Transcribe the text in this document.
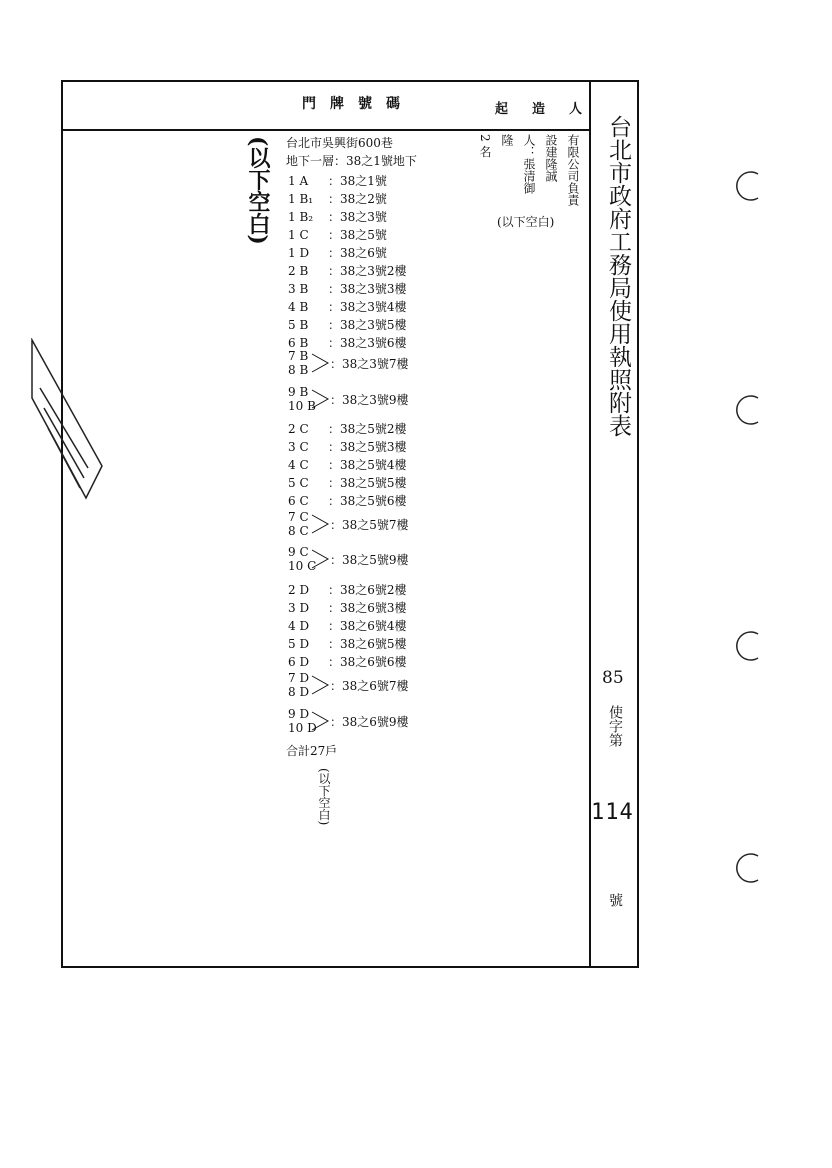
門牌號碼	起造人
台北市政府工務局使用執照附表
85
使字第
114
號
(以下空白)	有限公司負責
設建隆誠
人：張清御
隆
2 名
(以下空白)
台北市吳興街600巷
地下一層：38之1號地下
1 A ：38之1號
1 B₁ ：38之2號
1 B₂ ：38之3號
1 C ：38之5號
1 D ：38之6號
2 B ：38之3號2樓
3 B ：38之3號3樓
4 B ：38之3號4樓
5 B ：38之3號5樓
6 B ：38之3號6樓
7 B
8 B ：38之3號7樓
9 B
10 B ：38之3號9樓
2 C ：38之5號2樓
3 C ：38之5號3樓
4 C ：38之5號4樓
5 C ：38之5號5樓
6 C ：38之5號6樓
7 C
8 C ：38之5號7樓
9 C
10 C ：38之5號9樓
2 D ：38之6號2樓
3 D ：38之6號3樓
4 D ：38之6號4樓
5 D ：38之6號5樓
6 D ：38之6號6樓
7 D
8 D ：38之6號7樓
9 D
10 D ：38之6號9樓
合計27戶
(以下空白)
